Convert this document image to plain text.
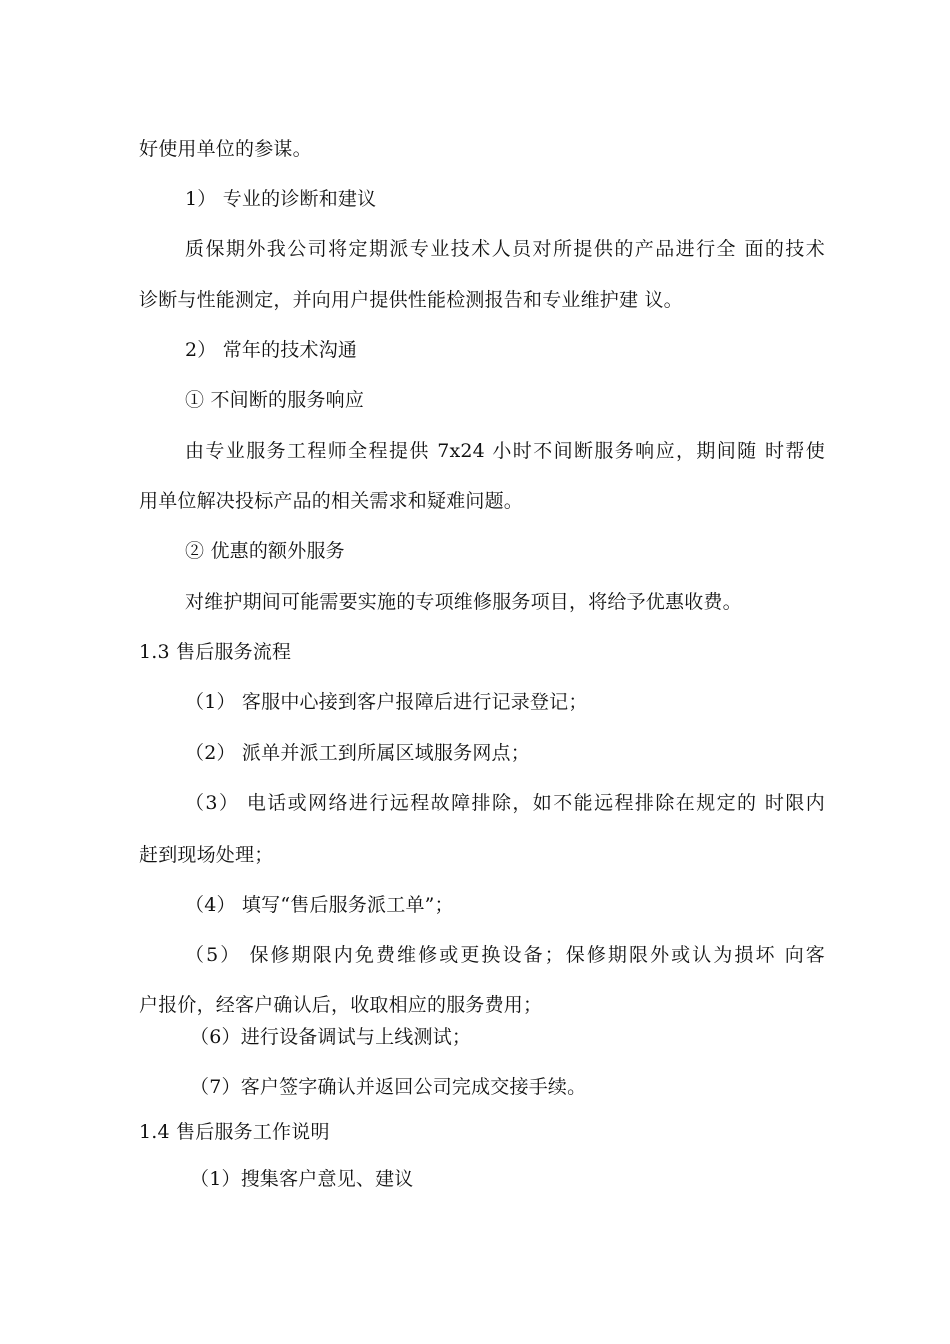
好使用单位的参谋。
1） 专业的诊断和建议
质保期外我公司将定期派专业技术人员对所提供的产品进行全 面的技术
诊断与性能测定，并向用户提供性能检测报告和专业维护建 议。
2） 常年的技术沟通
① 不间断的服务响应
由专业服务工程师全程提供 7x24 小时不间断服务响应，期间随 时帮使
用单位解决投标产品的相关需求和疑难问题。
② 优惠的额外服务
对维护期间可能需要实施的专项维修服务项目，将给予优惠收费。
1.3 售后服务流程
（1） 客服中心接到客户报障后进行记录登记；
（2） 派单并派工到所属区域服务网点；
（3） 电话或网络进行远程故障排除，如不能远程排除在规定的 时限内
赶到现场处理；
（4） 填写“售后服务派工单”；
（5） 保修期限内免费维修或更换设备；保修期限外或认为损坏 向客
户报价，经客户确认后，收取相应的服务费用；
（6）进行设备调试与上线测试；
（7）客户签字确认并返回公司完成交接手续。
1.4 售后服务工作说明
（1）搜集客户意见、建议
